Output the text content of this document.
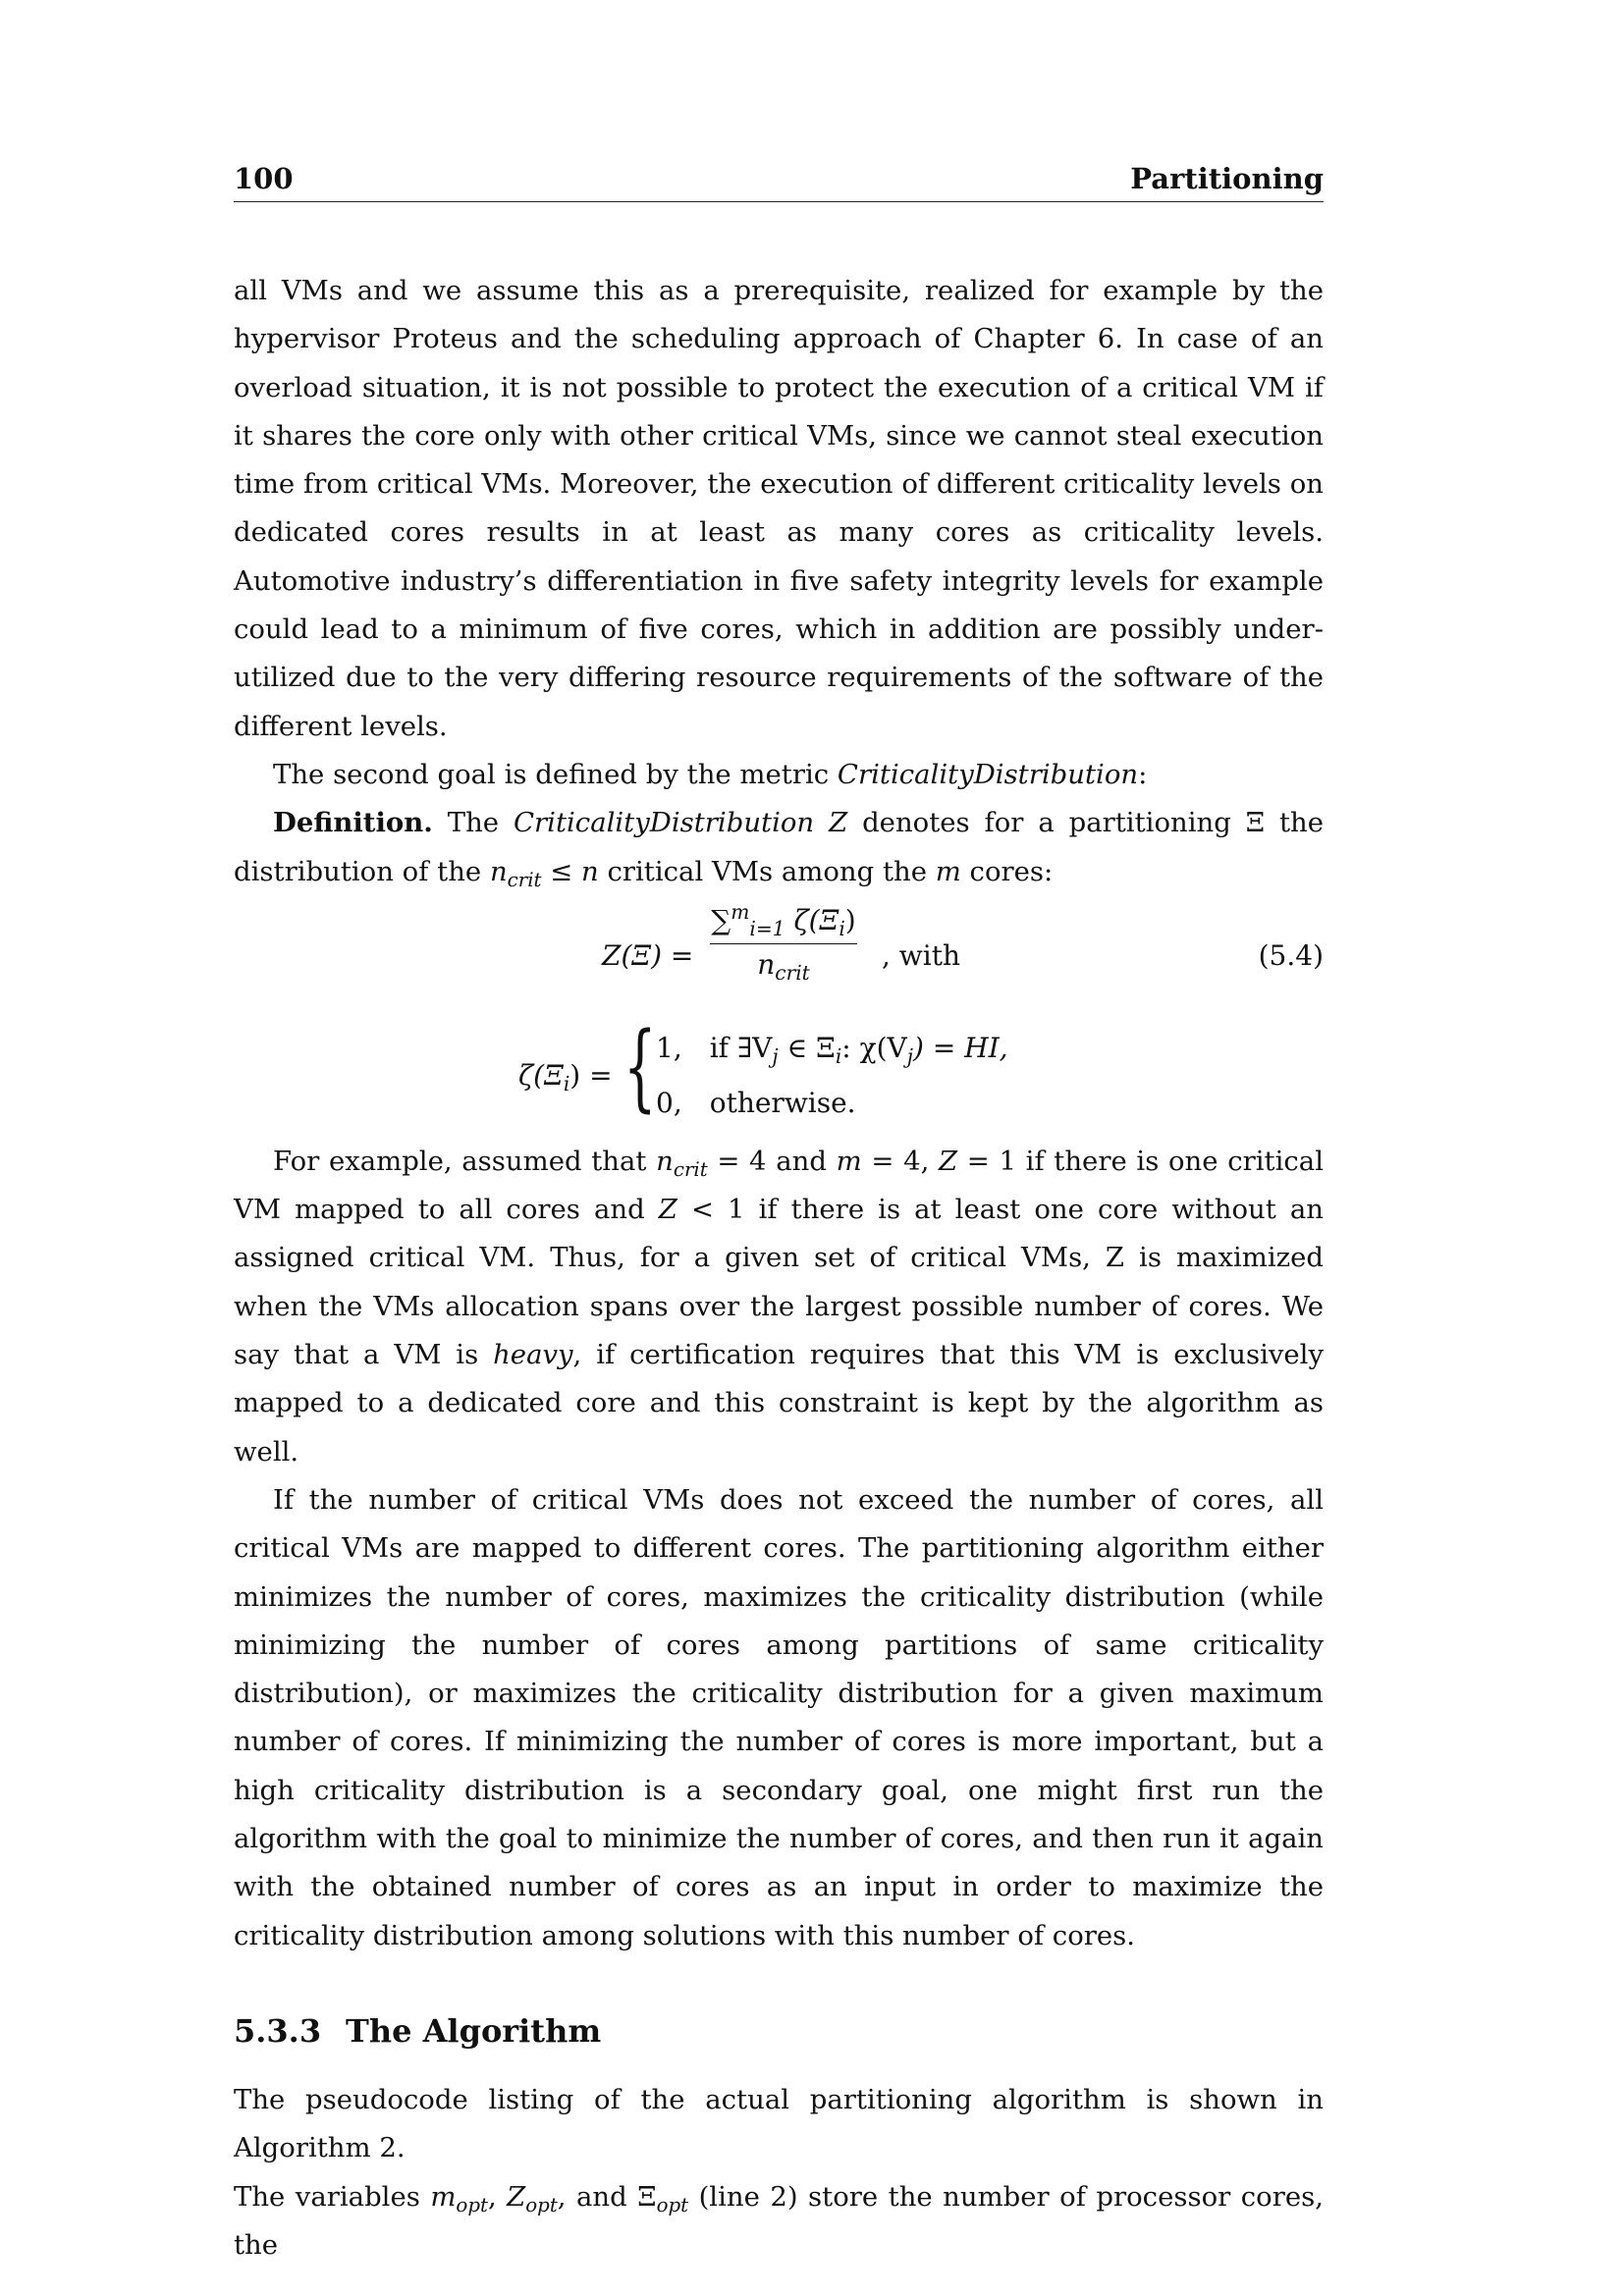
100	Partitioning

all VMs and we assume this as a prerequisite, realized for example by the hypervisor Proteus and the scheduling approach of Chapter 6. In case of an overload situation, it is not possible to protect the execution of a critical VM if it shares the core only with other critical VMs, since we cannot steal execution time from critical VMs. Moreover, the execution of different criticality levels on dedicated cores results in at least as many cores as criticality levels. Automotive industry’s differentiation in five safety integrity levels for example could lead to a minimum of five cores, which in addition are possibly under-utilized due to the very differing resource requirements of the software of the different levels.

The second goal is defined by the metric CriticalityDistribution:

Definition. The CriticalityDistribution Z denotes for a partitioning Ξ the distribution of the $n_{crit} \le n$ critical VMs among the m cores:

Z(Ξ) =
∑$^m_{i=1}$ $\zeta(\Xi_i)$
$n_{crit}$
, with	(5.4)
$\zeta(\Xi_i)$ = { 1, if $\exists V_j$ ∈ $\Xi_i$: $\chi(V_j)$ = HI,
0, otherwise.

For example, assumed that $n_{crit} = 4$ and m = 4, Z = 1 if there is one critical VM mapped to all cores and Z < 1 if there is at least one core without an assigned critical VM. Thus, for a given set of critical VMs, Z is maximized when the VMs allocation spans over the largest possible number of cores. We say that a VM is heavy, if certification requires that this VM is exclusively mapped to a dedicated core and this constraint is kept by the algorithm as well.

If the number of critical VMs does not exceed the number of cores, all critical VMs are mapped to different cores. The partitioning algorithm either minimizes the number of cores, maximizes the criticality distribution (while minimizing the number of cores among partitions of same criticality distribution), or maximizes the criticality distribution for a given maximum number of cores. If minimizing the number of cores is more important, but a high criticality distribution is a secondary goal, one might first run the algorithm with the goal to minimize the number of cores, and then run it again with the obtained number of cores as an input in order to maximize the criticality distribution among solutions with this number of cores.

5.3.3 The Algorithm

The pseudocode listing of the actual partitioning algorithm is shown in Algorithm 2.

The variables $m_{opt}$, $Z_{opt}$, and $\Xi_{opt}$ (line 2) store the number of processor cores, the
